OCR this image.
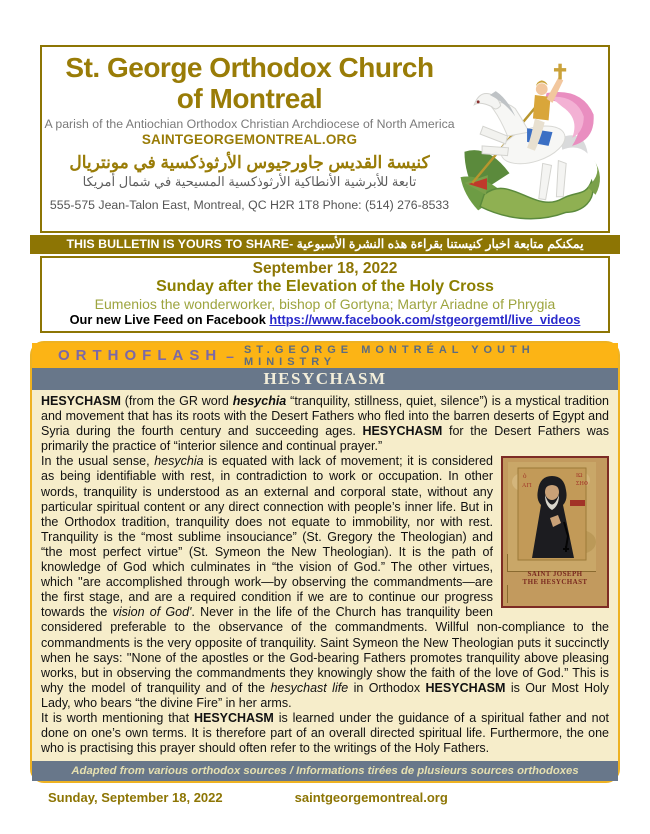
St. George Orthodox Church
of Montreal
A parish of the Antiochian Orthodox Christian Archdiocese of North America
SAINTGEORGEMONTREAL.ORG
كنيسة القديس جاورجيوس الأرثوذكسية في مونتريال
تابعة للأبرشية الأنطاكية الأرثوذكسية المسيحية في شمال أمريكا
555-575 Jean-Talon East, Montreal, QC H2R 1T8 Phone: (514) 276-8533
THIS BULLETIN IS YOURS TO SHARE- يمكنكم متابعة اخبار كنيستنا بقراءة هذه النشرة الأسبوعية
September 18, 2022
Sunday after the Elevation of the Holy Cross
Eumenios the wonderworker, bishop of Gortyna; Martyr Ariadne of Phrygia
Our new Live Feed on Facebook https://www.facebook.com/stgeorgemtl/live_videos
ORTHOFLASH – ST.GEORGE MONTRÉAL YOUTH MINISTRY
HESYCHASM

HESYCHASM (from the GR word hesychia “tranquility, stillness, quiet, silence”) is a mystical tradition and movement that has its roots with the Desert Fathers who fled into the barren deserts of Egypt and Syria during the fourth century and succeeding ages. HESYCHASM for the Desert Fathers was primarily the practice of “interior silence and continual prayer.”

ὁ
ΑΓΙ
ΙΩ
ΣΗΦ
SAINT JOSEPH
THE HESYCHAST
In the usual sense, hesychia is equated with lack of movement; it is considered as being identifiable with rest, in contradiction to work or occupation. In other words, tranquility is understood as an external and corporal state, without any particular spiritual content or any direct connection with people’s inner life. But in the Orthodox tradition, tranquility does not equate to immobility, nor with rest. Tranquility is the “most sublime insouciance” (St. Gregory the Theologian) and “the most perfect virtue” (St. Symeon the New Theologian). It is the path of knowledge of God which culminates in “the vision of God.” The other virtues, which ''are accomplished through work—by observing the commandments—are the first stage, and are a required condition if we are to continue our progress towards the vision of God'. Never in the life of the Church has tranquility been considered preferable to the observance of the commandments. Willful non-compliance to the commandments is the very opposite of tranquility. Saint Symeon the New Theologian puts it succinctly when he says: ''None of the apostles or the God-bearing Fathers promotes tranquility above pleasing works, but in observing the commandments they knowingly show the faith of the love of God.” This is why the model of tranquility and of the hesychast life in Orthodox HESYCHASM is Our Most Holy Lady, who bears “the divine Fire” in her arms.

It is worth mentioning that HESYCHASM is learned under the guidance of a spiritual father and not done on one’s own terms. It is therefore part of an overall directed spiritual life. Furthermore, the one who is practising this prayer should often refer to the writings of the Holy Fathers.

Adapted from various orthodox sources / Informations tirées de plusieurs sources orthodoxes
Sunday, September 18, 2022	saintgeorgemontreal.org
